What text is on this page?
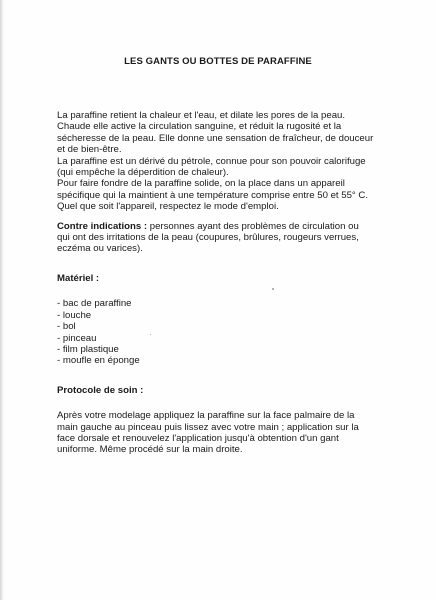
LES GANTS OU BOTTES DE PARAFFINE
La paraffine retient la chaleur et l'eau, et dilate les pores de la peau.
Chaude elle active la circulation sanguine, et réduit la rugosité et la
sécheresse de la peau. Elle donne une sensation de fraîcheur, de douceur
et de bien-être.
La paraffine est un dérivé du pétrole, connue pour son pouvoir calorifuge
(qui empêche la déperdition de chaleur).
Pour faire fondre de la paraffine solide, on la place dans un appareil
spécifique qui la maintient à une température comprise entre 50 et 55° C.
Quel que soit l'appareil, respectez le mode d'emploi.
Contre indications : personnes ayant des problèmes de circulation ou
qui ont des irritations de la peau (coupures, brûlures, rougeurs verrues,
eczéma ou varices).
Matériel :
- bac de paraffine
- louche
- bol
- pinceau
- film plastique
- moufle en éponge
Protocole de soin :
Après votre modelage appliquez la paraffine sur la face palmaire de la
main gauche au pinceau puis lissez avec votre main ; application sur la
face dorsale et renouvelez l'application jusqu'à obtention d'un gant
uniforme. Même procédé sur la main droite.
